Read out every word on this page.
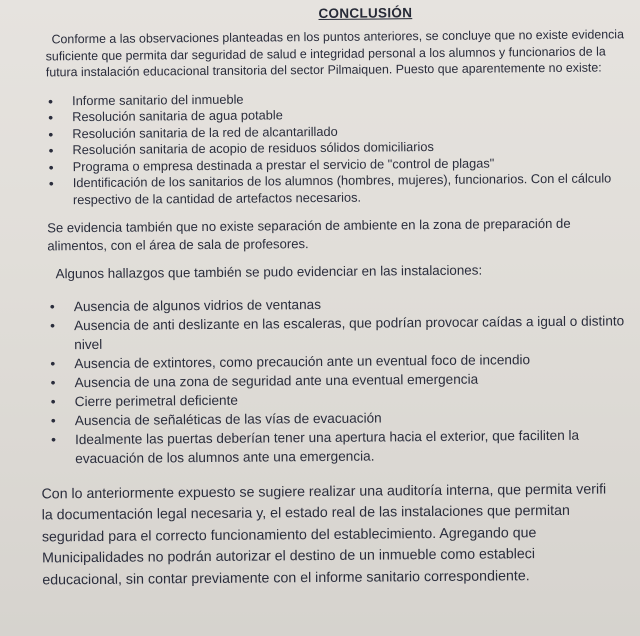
CONCLUSIÓN

Conforme a las observaciones planteadas en los puntos anteriores, se concluye que no existe evidencia suficiente que permita dar seguridad de salud e integridad personal a los alumnos y funcionarios de la futura instalación educacional transitoria del sector Pilmaiquen. Puesto que aparentemente no existe:

• Informe sanitario del inmueble
• Resolución sanitaria de agua potable
• Resolución sanitaria de la red de alcantarillado
• Resolución sanitaria de acopio de residuos sólidos domiciliarios
• Programa o empresa destinada a prestar el servicio de "control de plagas"
• Identificación de los sanitarios de los alumnos (hombres, mujeres), funcionarios. Con el cálculo respectivo de la cantidad de artefactos necesarios.

Se evidencia también que no existe separación de ambiente en la zona de preparación de alimentos, con el área de sala de profesores.

Algunos hallazgos que también se pudo evidenciar en las instalaciones:

• Ausencia de algunos vidrios de ventanas
• Ausencia de anti deslizante en las escaleras, que podrían provocar caídas a igual o distinto nivel
• Ausencia de extintores, como precaución ante un eventual foco de incendio
• Ausencia de una zona de seguridad ante una eventual emergencia
• Cierre perimetral deficiente
• Ausencia de señaléticas de las vías de evacuación
• Idealmente las puertas deberían tener una apertura hacia el exterior, que faciliten la evacuación de los alumnos ante una emergencia.
Con lo anteriormente expuesto se sugiere realizar una auditoría interna, que permita verifi
la documentación legal necesaria y, el estado real de las instalaciones que permitan
seguridad para el correcto funcionamiento del establecimiento. Agregando que
Municipalidades no podrán autorizar el destino de un inmueble como estableci
educacional, sin contar previamente con el informe sanitario correspondiente.
